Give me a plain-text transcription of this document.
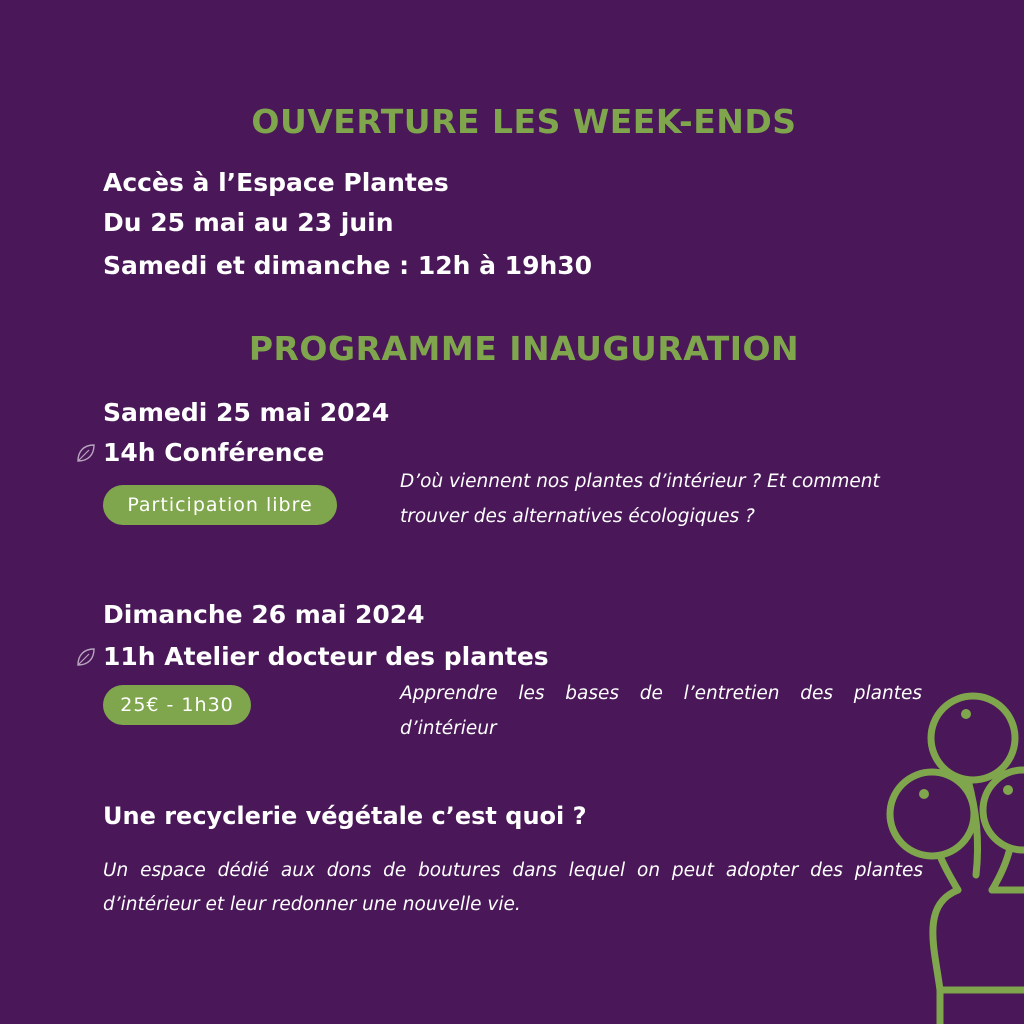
OUVERTURE LES WEEK-ENDS

Accès à l’Espace Plantes

Du 25 mai au 23 juin

Samedi et dimanche : 12h à 19h30

PROGRAMME INAUGURATION

Samedi 25 mai 2024

14h Conférence

Participation libre

D’où viennent nos plantes d’intérieur ? Et comment trouver des alternatives écologiques ?

Dimanche 26 mai 2024

11h Atelier docteur des plantes

25€ - 1h30

Apprendre les bases de l’entretien des plantes d’intérieur

Une recyclerie végétale c’est quoi ?

Un espace dédié aux dons de boutures dans lequel on peut adopter des plantes d’intérieur et leur redonner une nouvelle vie.
